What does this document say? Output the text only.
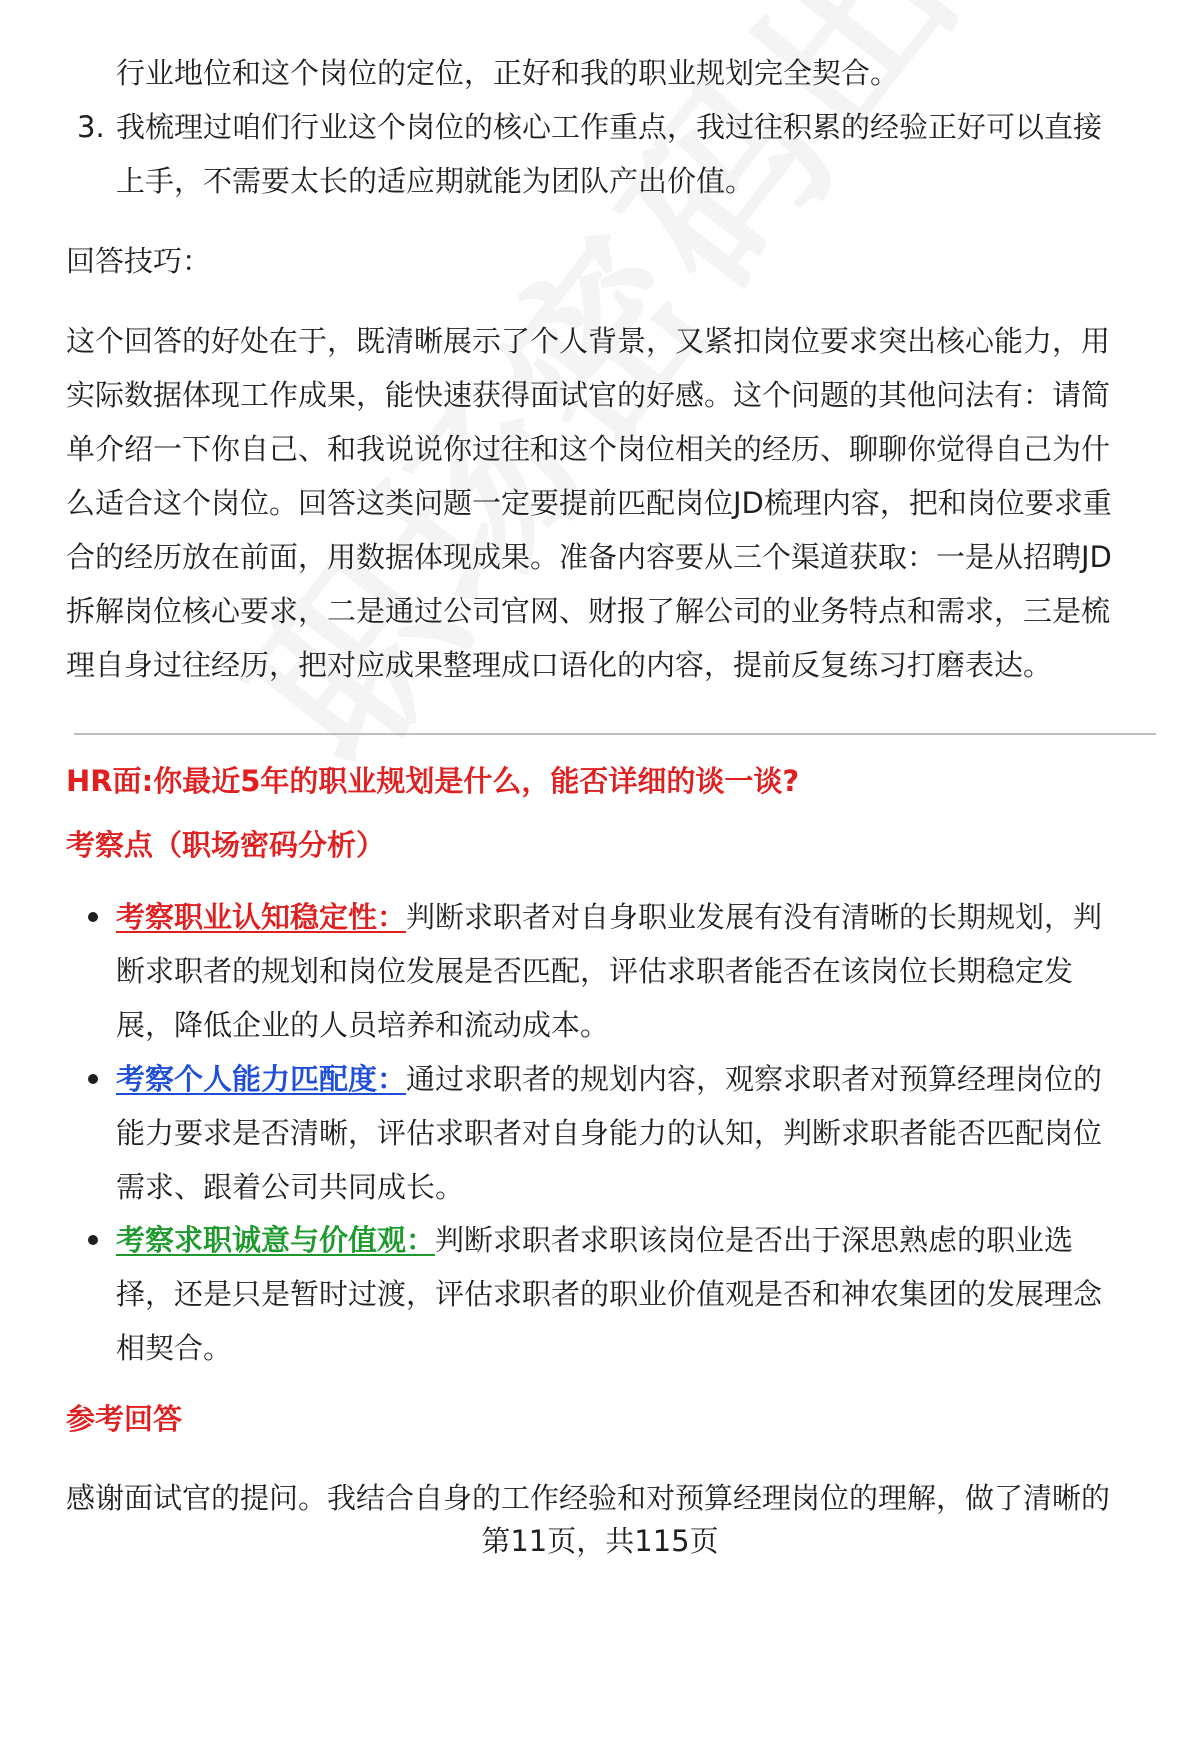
行业地位和这个岗位的定位，正好和我的职业规划完全契合。
3. 我梳理过咱们行业这个岗位的核心工作重点，我过往积累的经验正好可以直接
上手，不需要太长的适应期就能为团队产出价值。
回答技巧：
这个回答的好处在于，既清晰展示了个人背景，又紧扣岗位要求突出核心能力，用
实际数据体现工作成果，能快速获得面试官的好感。这个问题的其他问法有：请简
单介绍一下你自己、和我说说你过往和这个岗位相关的经历、聊聊你觉得自己为什
么适合这个岗位。回答这类问题一定要提前匹配岗位JD梳理内容，把和岗位要求重
合的经历放在前面，用数据体现成果。准备内容要从三个渠道获取：一是从招聘JD
拆解岗位核心要求，二是通过公司官网、财报了解公司的业务特点和需求，三是梳
理自身过往经历，把对应成果整理成口语化的内容，提前反复练习打磨表达。
HR面:你最近5年的职业规划是什么，能否详细的谈一谈?
考察点（职场密码分析）
考察职业认知稳定性：判断求职者对自身职业发展有没有清晰的长期规划，判
断求职者的规划和岗位发展是否匹配，评估求职者能否在该岗位长期稳定发
展，降低企业的人员培养和流动成本。
考察个人能力匹配度：通过求职者的规划内容，观察求职者对预算经理岗位的
能力要求是否清晰，评估求职者对自身能力的认知，判断求职者能否匹配岗位
需求、跟着公司共同成长。
考察求职诚意与价值观：判断求职者求职该岗位是否出于深思熟虑的职业选
择，还是只是暂时过渡，评估求职者的职业价值观是否和神农集团的发展理念
相契合。
参考回答
感谢面试官的提问。我结合自身的工作经验和对预算经理岗位的理解，做了清晰的
第11页，共115页
